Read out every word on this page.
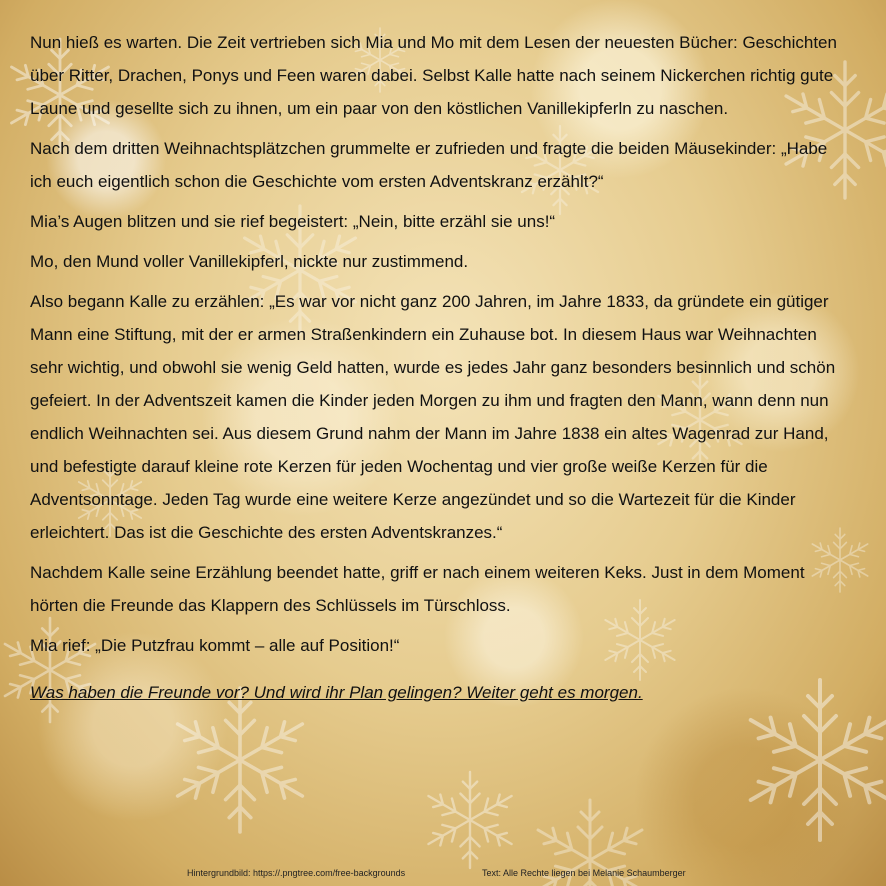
Nun hieß es warten. Die Zeit vertrieben sich Mia und Mo mit dem Lesen der neuesten Bücher: Geschichten über Ritter, Drachen, Ponys und Feen waren dabei. Selbst Kalle hatte nach seinem Nickerchen richtig gute Laune und gesellte sich zu ihnen, um ein paar von den köstlichen Vanillekipferln zu naschen.

Nach dem dritten Weihnachtsplätzchen grummelte er zufrieden und fragte die beiden Mäusekinder: „Habe ich euch eigentlich schon die Geschichte vom ersten Adventskranz erzählt?“

Mia’s Augen blitzen und sie rief begeistert: „Nein, bitte erzähl sie uns!“

Mo, den Mund voller Vanillekipferl, nickte nur zustimmend.

Also begann Kalle zu erzählen: „Es war vor nicht ganz 200 Jahren, im Jahre 1833, da gründete ein gütiger Mann eine Stiftung, mit der er armen Straßenkindern ein Zuhause bot. In diesem Haus war Weihnachten sehr wichtig, und obwohl sie wenig Geld hatten, wurde es jedes Jahr ganz besonders besinnlich und schön gefeiert. In der Adventszeit kamen die Kinder jeden Morgen zu ihm und fragten den Mann, wann denn nun endlich Weihnachten sei. Aus diesem Grund nahm der Mann im Jahre 1838 ein altes Wagenrad zur Hand, und befestigte darauf kleine rote Kerzen für jeden Wochentag und vier große weiße Kerzen für die Adventsonntage. Jeden Tag wurde eine weitere Kerze angezündet und so die Wartezeit für die Kinder erleichtert. Das ist die Geschichte des ersten Adventskranzes.“

Nachdem Kalle seine Erzählung beendet hatte, griff er nach einem weiteren Keks. Just in dem Moment hörten die Freunde das Klappern des Schlüssels im Türschloss.

Mia rief: „Die Putzfrau kommt – alle auf Position!“

Was haben die Freunde vor? Und wird ihr Plan gelingen? Weiter geht es morgen.

Hintergrundbild: https://.pngtree.com/free-backgrounds	Text: Alle Rechte liegen bei Melanie Schaumberger
